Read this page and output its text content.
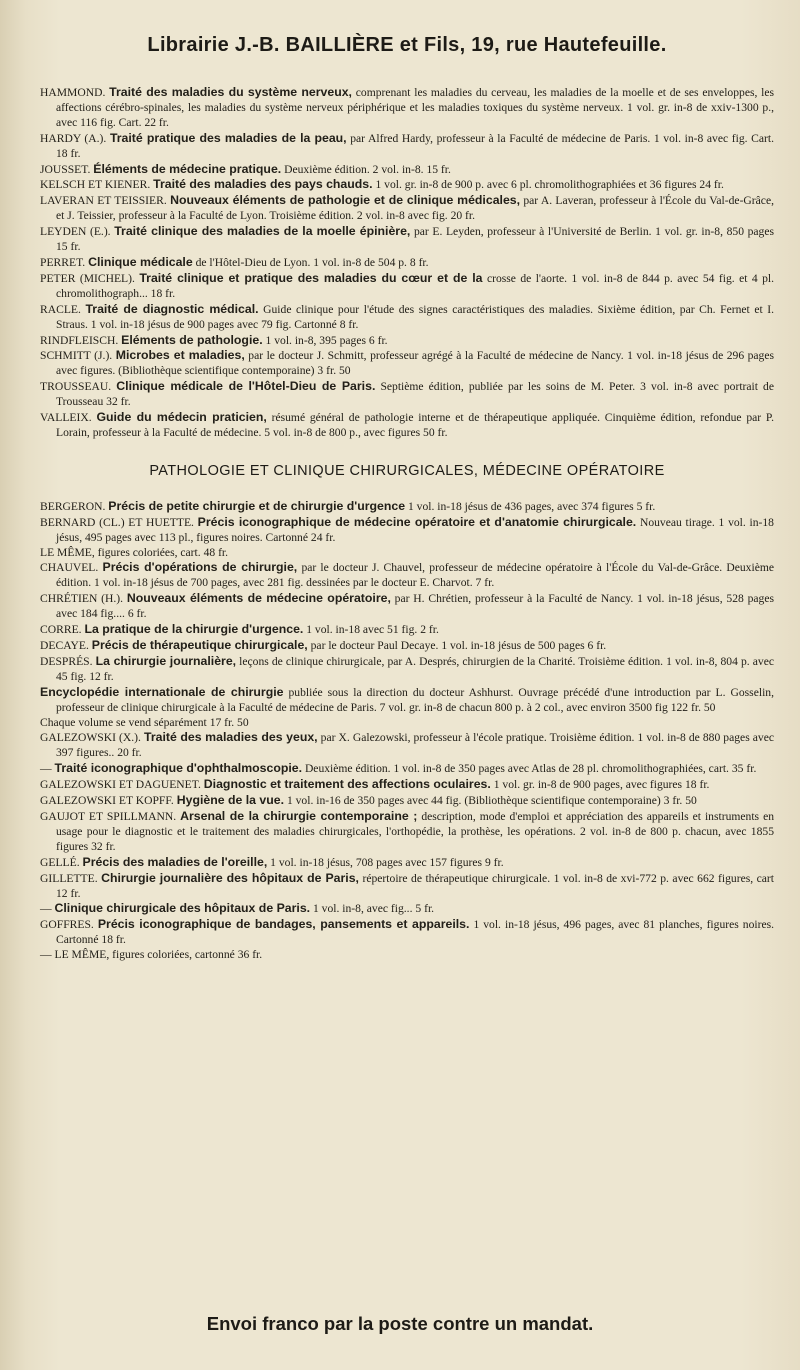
Librairie J.-B. BAILLIÈRE et Fils, 19, rue Hautefeuille.

HAMMOND. Traité des maladies du système nerveux, comprenant les maladies du cerveau, les maladies de la moelle et de ses enveloppes, les affections cérébro-spinales, les maladies du système nerveux périphérique et les maladies toxiques du système nerveux. 1 vol. gr. in-8 de xxiv-1300 p., avec 116 fig. Cart. 22 fr.

HARDY (A.). Traité pratique des maladies de la peau, par Alfred Hardy, professeur à la Faculté de médecine de Paris. 1 vol. in-8 avec fig. Cart. 18 fr.

JOUSSET. Éléments de médecine pratique. Deuxième édition. 2 vol. in-8. 15 fr.

KELSCH ET KIENER. Traité des maladies des pays chauds. 1 vol. gr. in-8 de 900 p. avec 6 pl. chromolithographiées et 36 figures 24 fr.

LAVERAN ET TEISSIER. Nouveaux éléments de pathologie et de clinique médicales, par A. Laveran, professeur à l'École du Val-de-Grâce, et J. Teissier, professeur à la Faculté de Lyon. Troisième édition. 2 vol. in-8 avec fig. 20 fr.

LEYDEN (E.). Traité clinique des maladies de la moelle épinière, par E. Leyden, professeur à l'Université de Berlin. 1 vol. gr. in-8, 850 pages 15 fr.

PERRET. Clinique médicale de l'Hôtel-Dieu de Lyon. 1 vol. in-8 de 504 p. 8 fr.

PETER (MICHEL). Traité clinique et pratique des maladies du cœur et de la crosse de l'aorte. 1 vol. in-8 de 844 p. avec 54 fig. et 4 pl. chromolithograph... 18 fr.

RACLE. Traité de diagnostic médical. Guide clinique pour l'étude des signes caractéristiques des maladies. Sixième édition, par Ch. Fernet et I. Straus. 1 vol. in-18 jésus de 900 pages avec 79 fig. Cartonné 8 fr.

RINDFLEISCH. Eléments de pathologie. 1 vol. in-8, 395 pages 6 fr.

SCHMITT (J.). Microbes et maladies, par le docteur J. Schmitt, professeur agrégé à la Faculté de médecine de Nancy. 1 vol. in-18 jésus de 296 pages avec figures. (Bibliothèque scientifique contemporaine) 3 fr. 50

TROUSSEAU. Clinique médicale de l'Hôtel-Dieu de Paris. Septième édition, publiée par les soins de M. Peter. 3 vol. in-8 avec portrait de Trousseau 32 fr.

VALLEIX. Guide du médecin praticien, résumé général de pathologie interne et de thérapeutique appliquée. Cinquième édition, refondue par P. Lorain, professeur à la Faculté de médecine. 5 vol. in-8 de 800 p., avec figures 50 fr.

PATHOLOGIE ET CLINIQUE CHIRURGICALES, MÉDECINE OPÉRATOIRE

BERGERON. Précis de petite chirurgie et de chirurgie d'urgence 1 vol. in-18 jésus de 436 pages, avec 374 figures 5 fr.

BERNARD (CL.) ET HUETTE. Précis iconographique de médecine opératoire et d'anatomie chirurgicale. Nouveau tirage. 1 vol. in-18 jésus, 495 pages avec 113 pl., figures noires. Cartonné 24 fr.

LE MÊME, figures coloriées, cart. 48 fr.

CHAUVEL. Précis d'opérations de chirurgie, par le docteur J. Chauvel, professeur de médecine opératoire à l'École du Val-de-Grâce. Deuxième édition. 1 vol. in-18 jésus de 700 pages, avec 281 fig. dessinées par le docteur E. Charvot. 7 fr.

CHRÉTIEN (H.). Nouveaux éléments de médecine opératoire, par H. Chrétien, professeur à la Faculté de Nancy. 1 vol. in-18 jésus, 528 pages avec 184 fig.... 6 fr.

CORRE. La pratique de la chirurgie d'urgence. 1 vol. in-18 avec 51 fig. 2 fr.

DECAYE. Précis de thérapeutique chirurgicale, par le docteur Paul Decaye. 1 vol. in-18 jésus de 500 pages 6 fr.

DESPRÉS. La chirurgie journalière, leçons de clinique chirurgicale, par A. Després, chirurgien de la Charité. Troisième édition. 1 vol. in-8, 804 p. avec 45 fig. 12 fr.

Encyclopédie internationale de chirurgie publiée sous la direction du docteur Ashhurst. Ouvrage précédé d'une introduction par L. Gosselin, professeur de clinique chirurgicale à la Faculté de médecine de Paris. 7 vol. gr. in-8 de chacun 800 p. à 2 col., avec environ 3500 fig 122 fr. 50

Chaque volume se vend séparément 17 fr. 50

GALEZOWSKI (X.). Traité des maladies des yeux, par X. Galezowski, professeur à l'école pratique. Troisième édition. 1 vol. in-8 de 880 pages avec 397 figures.. 20 fr.

— Traité iconographique d'ophthalmoscopie. Deuxième édition. 1 vol. in-8 de 350 pages avec Atlas de 28 pl. chromolithographiées, cart. 35 fr.

GALEZOWSKI ET DAGUENET. Diagnostic et traitement des affections oculaires. 1 vol. gr. in-8 de 900 pages, avec figures 18 fr.

GALEZOWSKI ET KOPFF. Hygiène de la vue. 1 vol. in-16 de 350 pages avec 44 fig. (Bibliothèque scientifique contemporaine) 3 fr. 50

GAUJOT ET SPILLMANN. Arsenal de la chirurgie contemporaine ; description, mode d'emploi et appréciation des appareils et instruments en usage pour le diagnostic et le traitement des maladies chirurgicales, l'orthopédie, la prothèse, les opérations. 2 vol. in-8 de 800 p. chacun, avec 1855 figures 32 fr.

GELLÉ. Précis des maladies de l'oreille, 1 vol. in-18 jésus, 708 pages avec 157 figures 9 fr.

GILLETTE. Chirurgie journalière des hôpitaux de Paris, répertoire de thérapeutique chirurgicale. 1 vol. in-8 de xvi-772 p. avec 662 figures, cart 12 fr.

— Clinique chirurgicale des hôpitaux de Paris. 1 vol. in-8, avec fig... 5 fr.

GOFFRES. Précis iconographique de bandages, pansements et appareils. 1 vol. in-18 jésus, 496 pages, avec 81 planches, figures noires. Cartonné 18 fr.

— LE MÊME, figures coloriées, cartonné 36 fr.

Envoi franco par la poste contre un mandat.
